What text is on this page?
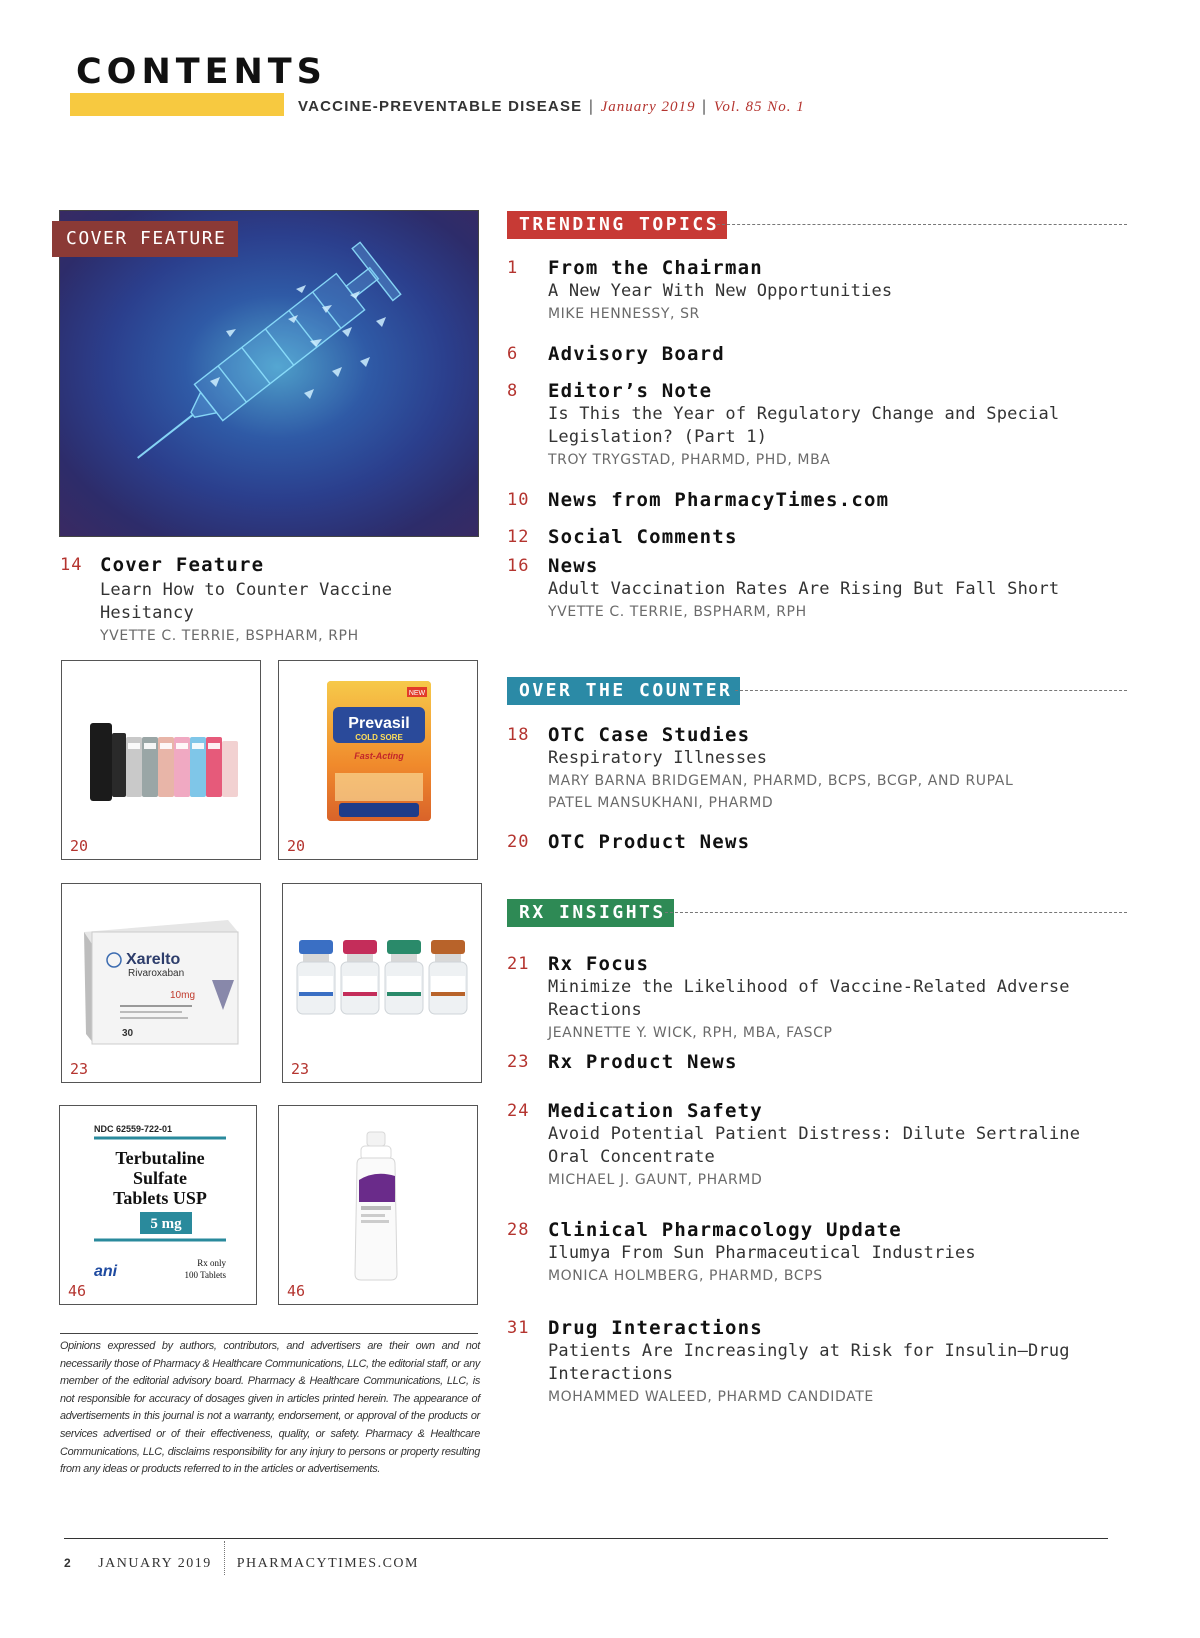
CONTENTS
VACCINE-PREVENTABLE DISEASE | January 2019 | Vol. 85 No. 1
COVER FEATURE
14 Cover Feature
Learn How to Counter Vaccine Hesitancy
YVETTE C. TERRIE, BSPHARM, RPH
20
Prevasil
COLD SORE
Fast-Acting
NEW
20
Xarelto
Rivaroxaban
10mg
30
23	23
NDC 62559-722-01
Terbutaline
Sulfate
Tablets USP
5 mg
ani	Rx only
100 Tablets
46	46
Opinions expressed by authors, contributors, and advertisers are their own and not necessarily those of Pharmacy & Healthcare Communications, LLC, the editorial staff, or any member of the editorial advisory board. Pharmacy & Healthcare Communications, LLC, is not responsible for accuracy of dosages given in articles printed herein. The appearance of advertisements in this journal is not a warranty, endorsement, or approval of the products or services advertised or of their effectiveness, quality, or safety. Pharmacy & Healthcare Communications, LLC, disclaims responsibility for any injury to persons or property resulting from any ideas or products referred to in the articles or advertisements.
TRENDING TOPICS
1 From the Chairman
A New Year With New Opportunities
MIKE HENNESSY, SR
6 Advisory Board
8 Editor’s Note
Is This the Year of Regulatory Change and Special Legislation? (Part 1)
TROY TRYGSTAD, PHARMD, PHD, MBA
10 News from PharmacyTimes.com
12 Social Comments
16 News
Adult Vaccination Rates Are Rising But Fall Short
YVETTE C. TERRIE, BSPHARM, RPH
OVER THE COUNTER
18 OTC Case Studies
Respiratory Illnesses
MARY BARNA BRIDGEMAN, PHARMD, BCPS, BCGP, AND RUPAL PATEL MANSUKHANI, PHARMD
20 OTC Product News
RX INSIGHTS
21 Rx Focus
Minimize the Likelihood of Vaccine-Related Adverse Reactions
JEANNETTE Y. WICK, RPH, MBA, FASCP
23 Rx Product News
24 Medication Safety
Avoid Potential Patient Distress: Dilute Sertraline Oral Concentrate
MICHAEL J. GAUNT, PHARMD
28 Clinical Pharmacology Update
Ilumya From Sun Pharmaceutical Industries
MONICA HOLMBERG, PHARMD, BCPS
31 Drug Interactions
Patients Are Increasingly at Risk for Insulin–Drug Interactions
MOHAMMED WALEED, PHARMD CANDIDATE
2 JANUARY 2019 PHARMACYTIMES.COM
